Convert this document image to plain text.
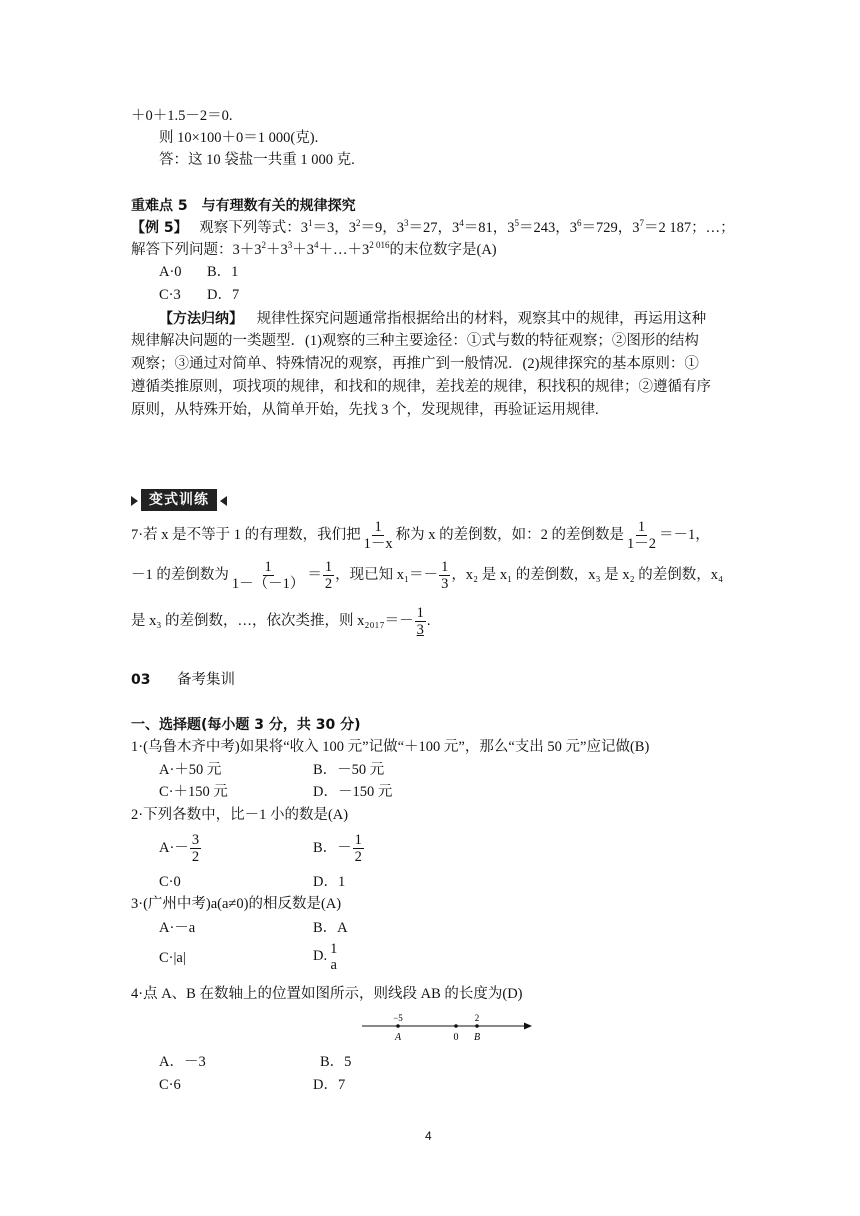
＋0＋1.5－2＝0.
则 10×100＋0＝1 000(克).
答：这 10 袋盐一共重 1 000 克.
重难点 5　与有理数有关的规律探究
【例 5】 观察下列等式：$3^1=3$，$3^2=9$，$3^3=27$，$3^4=81$，$3^5=243$，$3^6=729$，$3^7=2$ 187；…；
解答下列问题：$3+3^2+3^3+3^4+\dots+3^{2 016}$的末位数字是(A)
A·0 B．1
C·3 D．7
【方法归纳】 规律性探究问题通常指根据给出的材料，观察其中的规律，再运用这种
规律解决问题的一类题型．(1)观察的三种主要途径：①式与数的特征观察；②图形的结构
观察；③通过对简单、特殊情况的观察，再推广到一般情况．(2)规律探究的基本原则：①
遵循类推原则，项找项的规律，和找和的规律，差找差的规律，积找积的规律；②遵循有序
原则，从特殊开始，从简单开始，先找 3 个，发现规律，再验证运用规律.
变式训练
7·若 x 是不等于 1 的有理数，我们把 $\frac{1}{1-x}$ 称为 x 的差倒数，如：2 的差倒数是 $\frac{1}{1-2} =-1$，
－1 的差倒数为 $\frac{1}{1-(-1)} = \frac{1}{2}$ ，现已知 $x_1=- \frac{1}{3}$ ，x₂ 是 x₁ 的差倒数，x₃ 是 x₂ 的差倒数，x₄
是 x₃ 的差倒数，…，依次类推，则 $x_{2017}=- \frac{1}{3}$ .
03 备考集训
一、选择题(每小题 3 分，共 30 分)
1·(乌鲁木齐中考)如果将“收入 100 元”记做“＋100 元”，那么“支出 50 元”应记做(B)
A·＋50 元	B．－50 元
C·＋150 元	D．－150 元
2·下列各数中，比－1 小的数是(A)
$A\cdot- \frac{3}{2}$	B．－ $\frac{1}{2}$
C·0	D．1
3·(广州中考)a(a≠0)的相反数是(A)
A·－a	B．A
C·|a|	D. 1
a
4·点 A、B 在数轴上的位置如图所示，则线段 AB 的长度为(D)
−5	2
A	0 B
A．－3	B．5
C·6	D．7
4
